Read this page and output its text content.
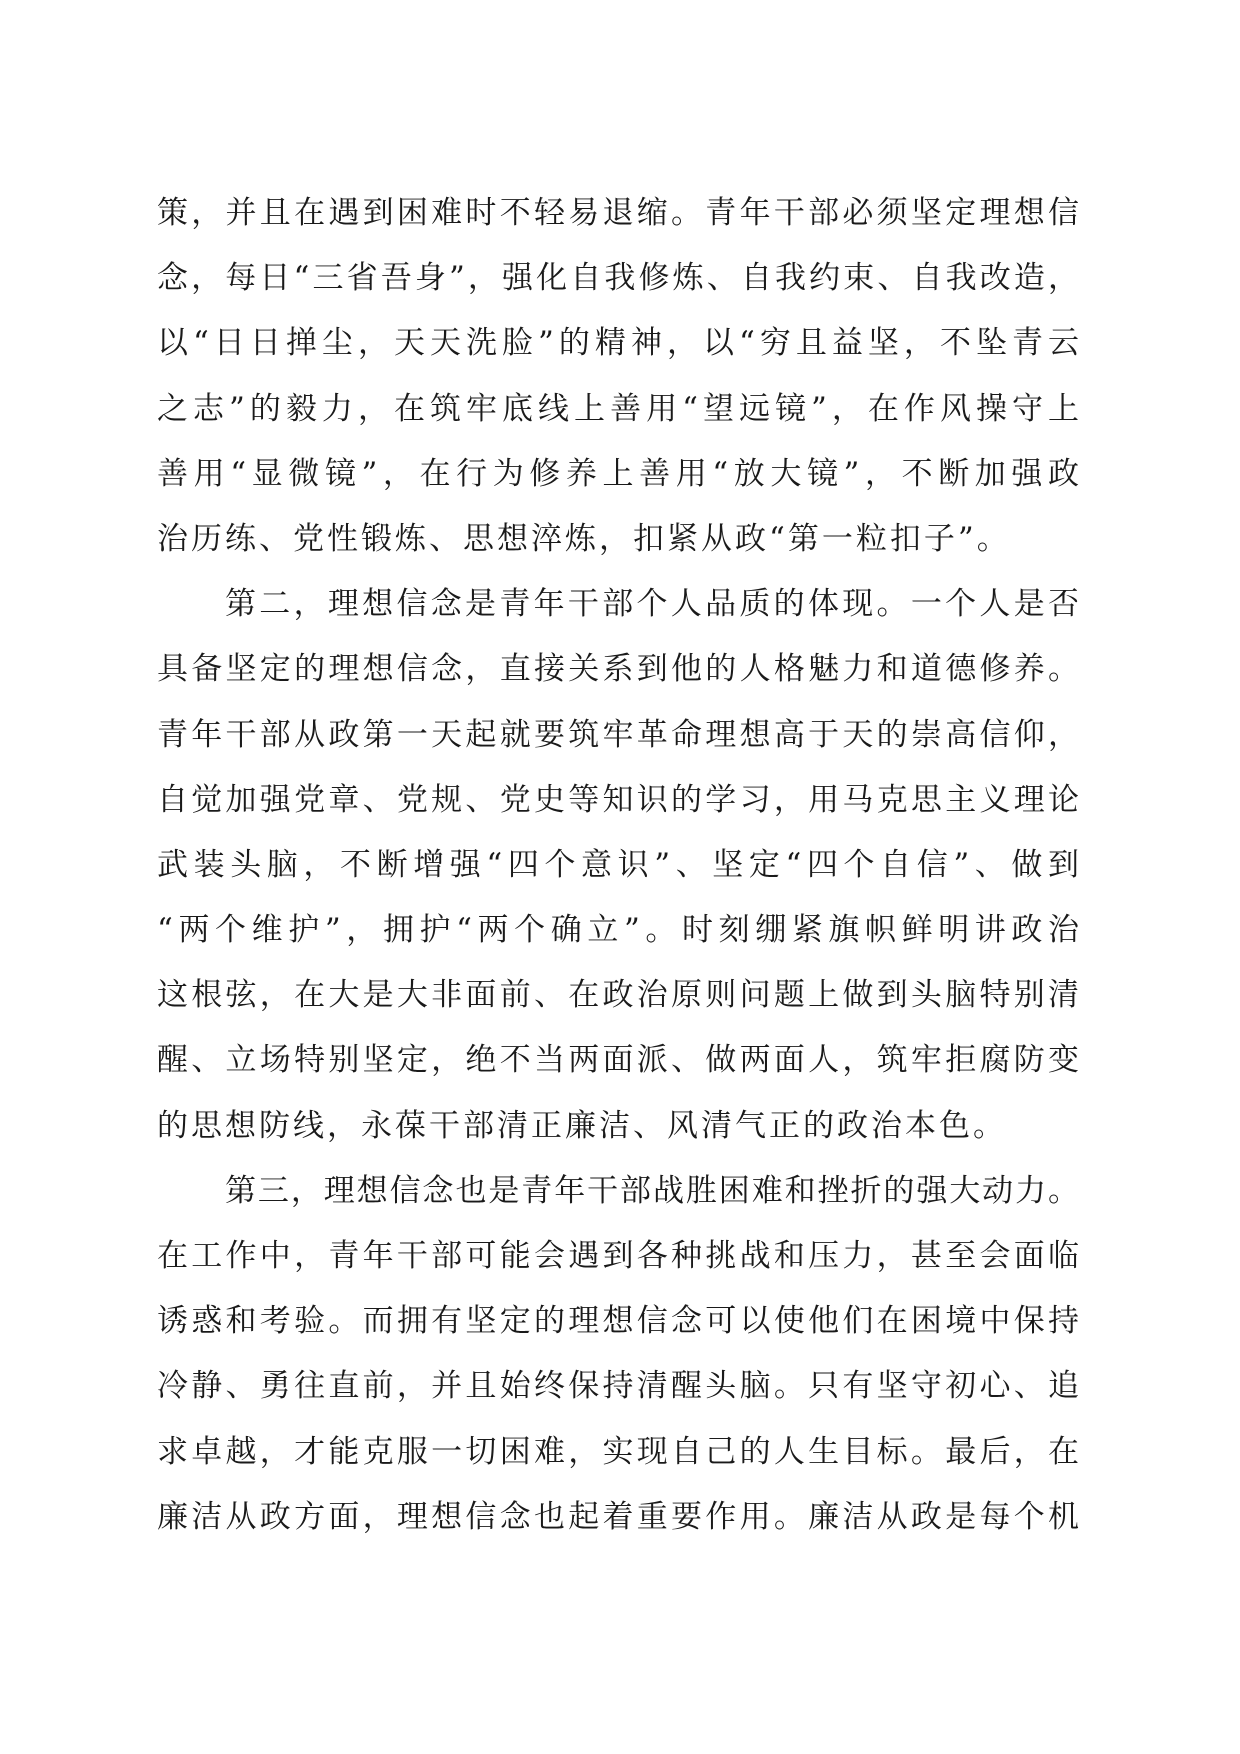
策，并且在遇到困难时不轻易退缩。青年干部必须坚定理想信
念，每日“三省吾身”，强化自我修炼、自我约束、自我改造，
以“日日掸尘，天天洗脸”的精神，以“穷且益坚，不坠青云
之志”的毅力，在筑牢底线上善用“望远镜”，在作风操守上
善用“显微镜”，在行为修养上善用“放大镜”，不断加强政
治历练、党性锻炼、思想淬炼，扣紧从政“第一粒扣子”。
第二，理想信念是青年干部个人品质的体现。一个人是否
具备坚定的理想信念，直接关系到他的人格魅力和道德修养。
青年干部从政第一天起就要筑牢革命理想高于天的崇高信仰，
自觉加强党章、党规、党史等知识的学习，用马克思主义理论
武装头脑，不断增强“四个意识”、坚定“四个自信”、做到
“两个维护”，拥护“两个确立”。时刻绷紧旗帜鲜明讲政治
这根弦，在大是大非面前、在政治原则问题上做到头脑特别清
醒、立场特别坚定，绝不当两面派、做两面人，筑牢拒腐防变
的思想防线，永葆干部清正廉洁、风清气正的政治本色。
第三，理想信念也是青年干部战胜困难和挫折的强大动力。
在工作中，青年干部可能会遇到各种挑战和压力，甚至会面临
诱惑和考验。而拥有坚定的理想信念可以使他们在困境中保持
冷静、勇往直前，并且始终保持清醒头脑。只有坚守初心、追
求卓越，才能克服一切困难，实现自己的人生目标。最后，在
廉洁从政方面，理想信念也起着重要作用。廉洁从政是每个机
